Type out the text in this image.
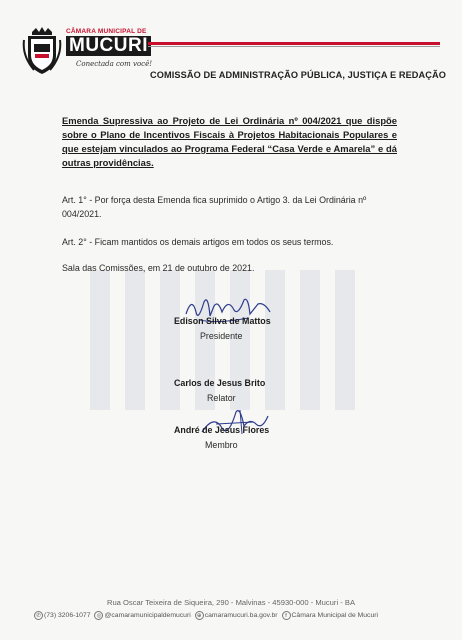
CÂMARA MUNICIPAL DE
MUCURI
Conectada com você!
COMISSÃO DE ADMINISTRAÇÃO PÚBLICA, JUSTIÇA E REDAÇÃO
Emenda Supressiva ao Projeto de Lei Ordinária nº 004/2021 que dispõe sobre o Plano de Incentivos Fiscais à Projetos Habitacionais Populares e que estejam vinculados ao Programa Federal “Casa Verde e Amarela” e dá outras providências.
Art. 1° - Por força desta Emenda fica suprimido o Artigo 3. da Lei Ordinária nº 004/2021.
Art. 2° - Ficam mantidos os demais artigos em todos os seus termos.
Sala das Comissões, em 21 de outubro de 2021.
Edison Silva de Mattos
Presidente
Carlos de Jesus Brito
Relator
André de Jesus Flores
Membro
Rua Oscar Teixeira de Siqueira, 290 - Malvinas - 45930-000 - Mucuri - BA
✆ (73) 3206-1077	◎ @camaramunicipaldemucuri	⊕ camaramucuri.ba.gov.br	f Câmara Municipal de Mucuri
